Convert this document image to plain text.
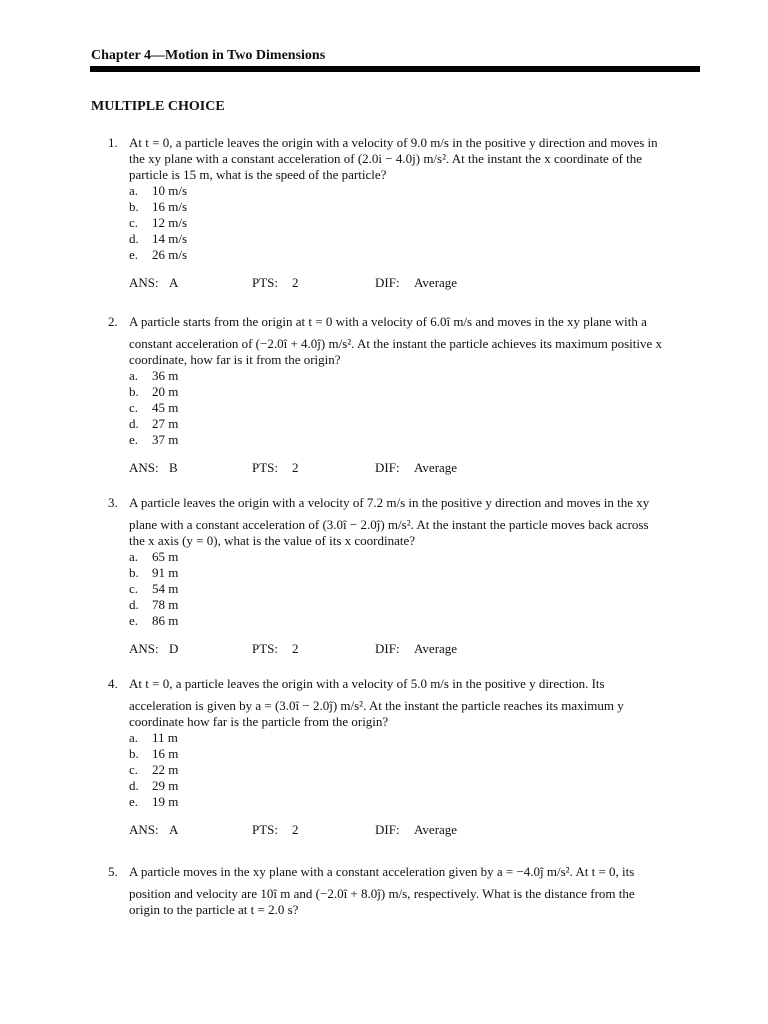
Chapter 4—Motion in Two Dimensions
MULTIPLE CHOICE
1. At t = 0, a particle leaves the origin with a velocity of 9.0 m/s in the positive y direction and moves in
the xy plane with a constant acceleration of (2.0i − 4.0j) m/s². At the instant the x coordinate of the
particle is 15 m, what is the speed of the particle?
a. 10 m/s
b. 16 m/s
c. 12 m/s
d. 14 m/s
e. 26 m/s
ANS: A	PTS: 2	DIF: Average
2. A particle starts from the origin at t = 0 with a velocity of 6.0î m/s and moves in the xy plane with a
constant acceleration of (−2.0î + 4.0ĵ) m/s². At the instant the particle achieves its maximum positive x
coordinate, how far is it from the origin?
a. 36 m
b. 20 m
c. 45 m
d. 27 m
e. 37 m
ANS: B	PTS: 2	DIF: Average
3. A particle leaves the origin with a velocity of 7.2 m/s in the positive y direction and moves in the xy
plane with a constant acceleration of (3.0î − 2.0ĵ) m/s². At the instant the particle moves back across
the x axis (y = 0), what is the value of its x coordinate?
a. 65 m
b. 91 m
c. 54 m
d. 78 m
e. 86 m
ANS: D	PTS: 2	DIF: Average
4. At t = 0, a particle leaves the origin with a velocity of 5.0 m/s in the positive y direction. Its
acceleration is given by a = (3.0î − 2.0ĵ) m/s². At the instant the particle reaches its maximum y
coordinate how far is the particle from the origin?
a. 11 m
b. 16 m
c. 22 m
d. 29 m
e. 19 m
ANS: A	PTS: 2	DIF: Average
5. A particle moves in the xy plane with a constant acceleration given by a = −4.0ĵ m/s². At t = 0, its
position and velocity are 10î m and (−2.0î + 8.0ĵ) m/s, respectively. What is the distance from the
origin to the particle at t = 2.0 s?
